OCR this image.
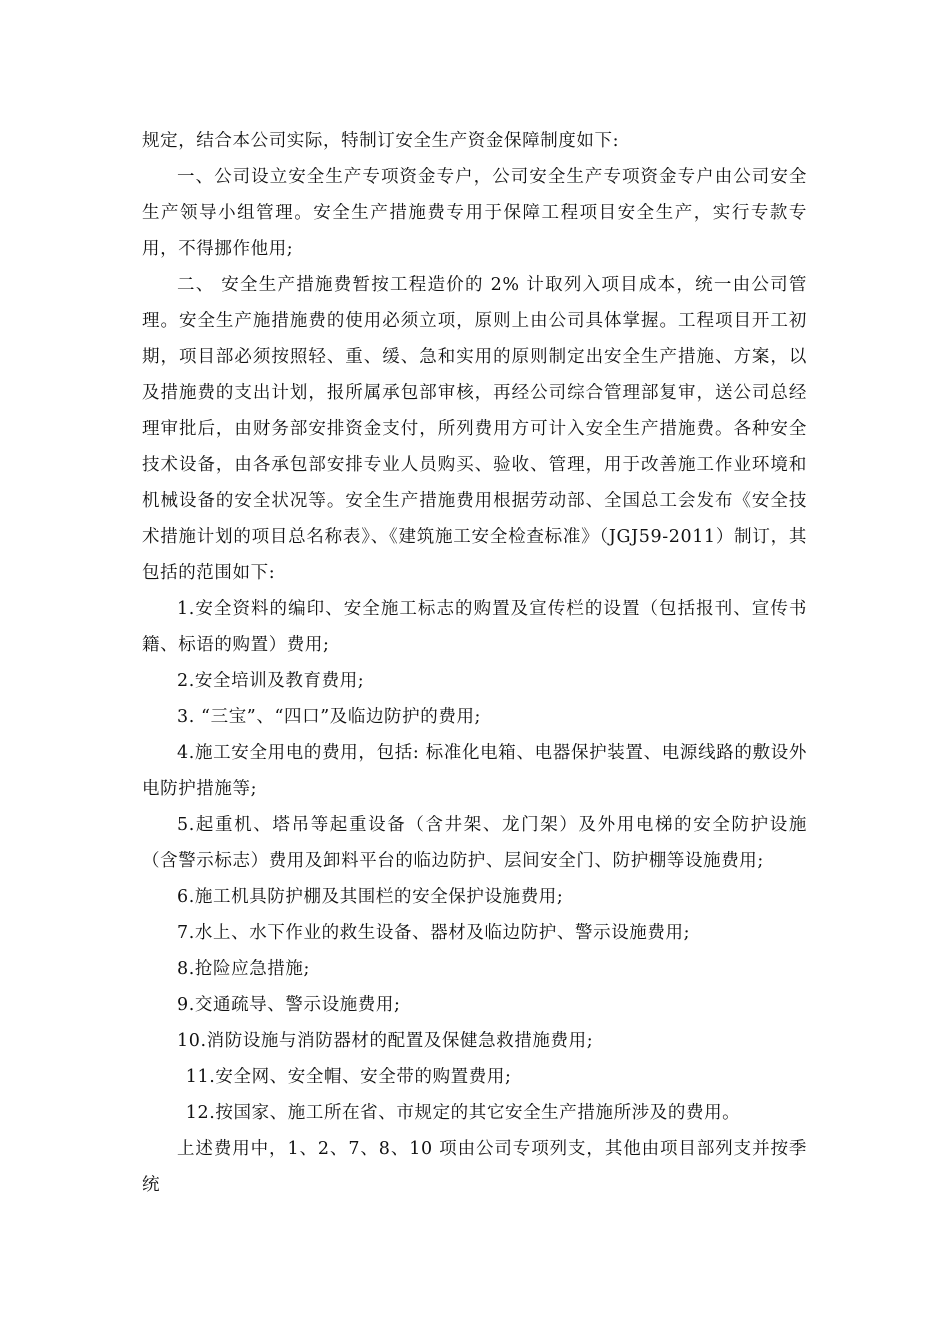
规定，结合本公司实际，特制订安全生产资金保障制度如下:

一、公司设立安全生产专项资金专户，公司安全生产专项资金专户由公司安全生产领导小组管理。安全生产措施费专用于保障工程项目安全生产，实行专款专用，不得挪作他用;

二、 安全生产措施费暂按工程造价的 2% 计取列入项目成本，统一由公司管理。安全生产施措施费的使用必须立项，原则上由公司具体掌握。工程项目开工初期，项目部必须按照轻、重、缓、急和实用的原则制定出安全生产措施、方案，以及措施费的支出计划，报所属承包部审核，再经公司综合管理部复审，送公司总经理审批后，由财务部安排资金支付，所列费用方可计入安全生产措施费。各种安全技术设备，由各承包部安排专业人员购买、验收、管理，用于改善施工作业环境和机械设备的安全状况等。安全生产措施费用根据劳动部、全国总工会发布《安全技术措施计划的项目总名称表》、《建筑施工安全检查标准》（JGJ59-2011）制订，其包括的范围如下:

1.安全资料的编印、安全施工标志的购置及宣传栏的设置（包括报刊、宣传书籍、标语的购置）费用;

2.安全培训及教育费用;

3. “三宝”、“四口”及临边防护的费用;

4.施工安全用电的费用，包括: 标准化电箱、电器保护装置、电源线路的敷设外电防护措施等;

5.起重机、塔吊等起重设备（含井架、龙门架）及外用电梯的安全防护设施（含警示标志）费用及卸料平台的临边防护、层间安全门、防护棚等设施费用;

6.施工机具防护棚及其围栏的安全保护设施费用;

7.水上、水下作业的救生设备、器材及临边防护、警示设施费用;

8.抢险应急措施;

9.交通疏导、警示设施费用;

10.消防设施与消防器材的配置及保健急救措施费用;

11.安全网、安全帽、安全带的购置费用;

12.按国家、施工所在省、市规定的其它安全生产措施所涉及的费用。

上述费用中，1、2、7、8、10 项由公司专项列支，其他由项目部列支并按季统
